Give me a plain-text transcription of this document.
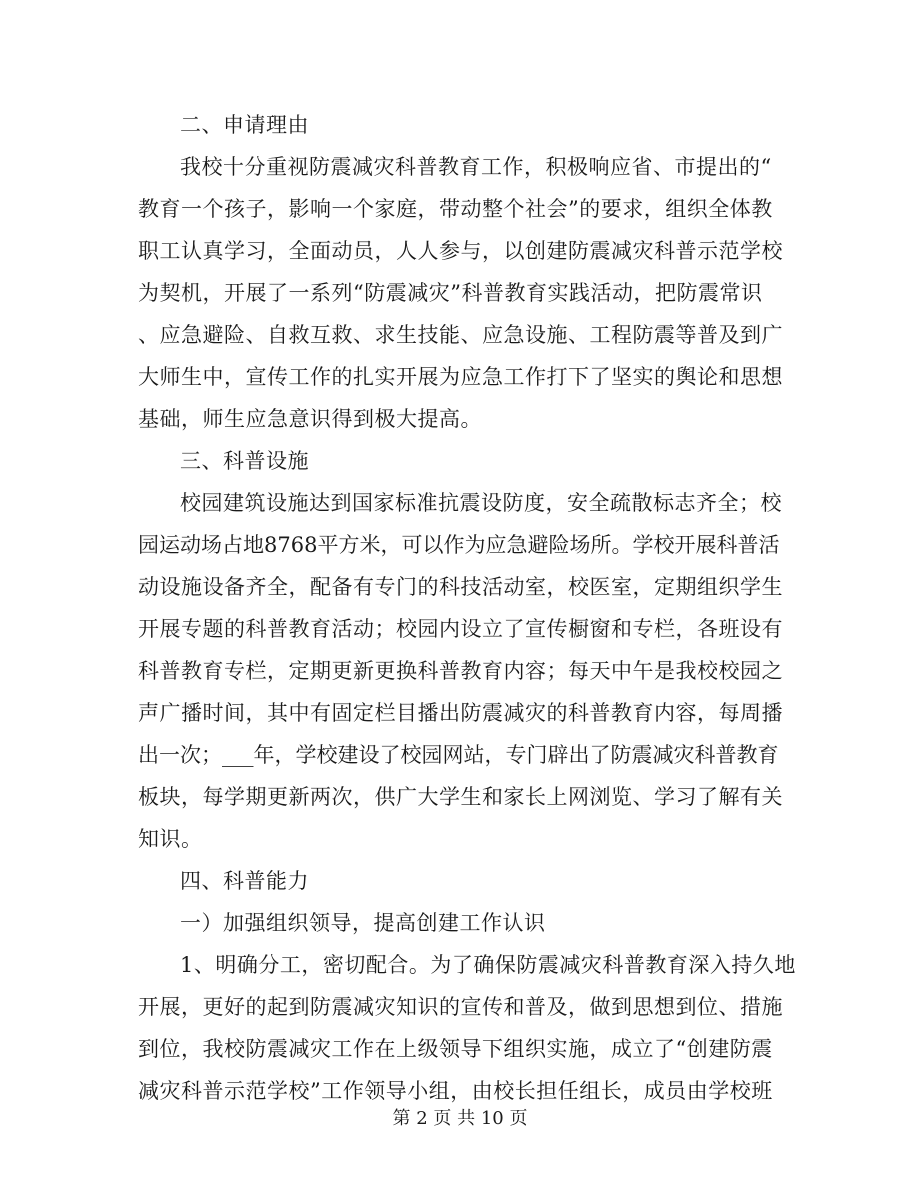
二、申请理由
我校十分重视防震减灾科普教育工作，积极响应省、市提出的“
教育一个孩子，影响一个家庭，带动整个社会”的要求，组织全体教
职工认真学习，全面动员，人人参与，以创建防震减灾科普示范学校
为契机，开展了一系列“防震减灾”科普教育实践活动，把防震常识
、应急避险、自救互救、求生技能、应急设施、工程防震等普及到广
大师生中，宣传工作的扎实开展为应急工作打下了坚实的舆论和思想
基础，师生应急意识得到极大提高。
三、科普设施
校园建筑设施达到国家标准抗震设防度，安全疏散标志齐全；校
园运动场占地8768平方米，可以作为应急避险场所。学校开展科普活
动设施设备齐全，配备有专门的科技活动室，校医室，定期组织学生
开展专题的科普教育活动；校园内设立了宣传橱窗和专栏，各班设有
科普教育专栏，定期更新更换科普教育内容；每天中午是我校校园之
声广播时间，其中有固定栏目播出防震减灾的科普教育内容，每周播
出一次；___年，学校建设了校园网站，专门辟出了防震减灾科普教育
板块，每学期更新两次，供广大学生和家长上网浏览、学习了解有关
知识。
四、科普能力
一）加强组织领导，提高创建工作认识
1、明确分工，密切配合。为了确保防震减灾科普教育深入持久地
开展，更好的起到防震减灾知识的宣传和普及，做到思想到位、措施
到位，我校防震减灾工作在上级领导下组织实施，成立了“创建防震
减灾科普示范学校”工作领导小组，由校长担任组长，成员由学校班
第 2 页 共 10 页
